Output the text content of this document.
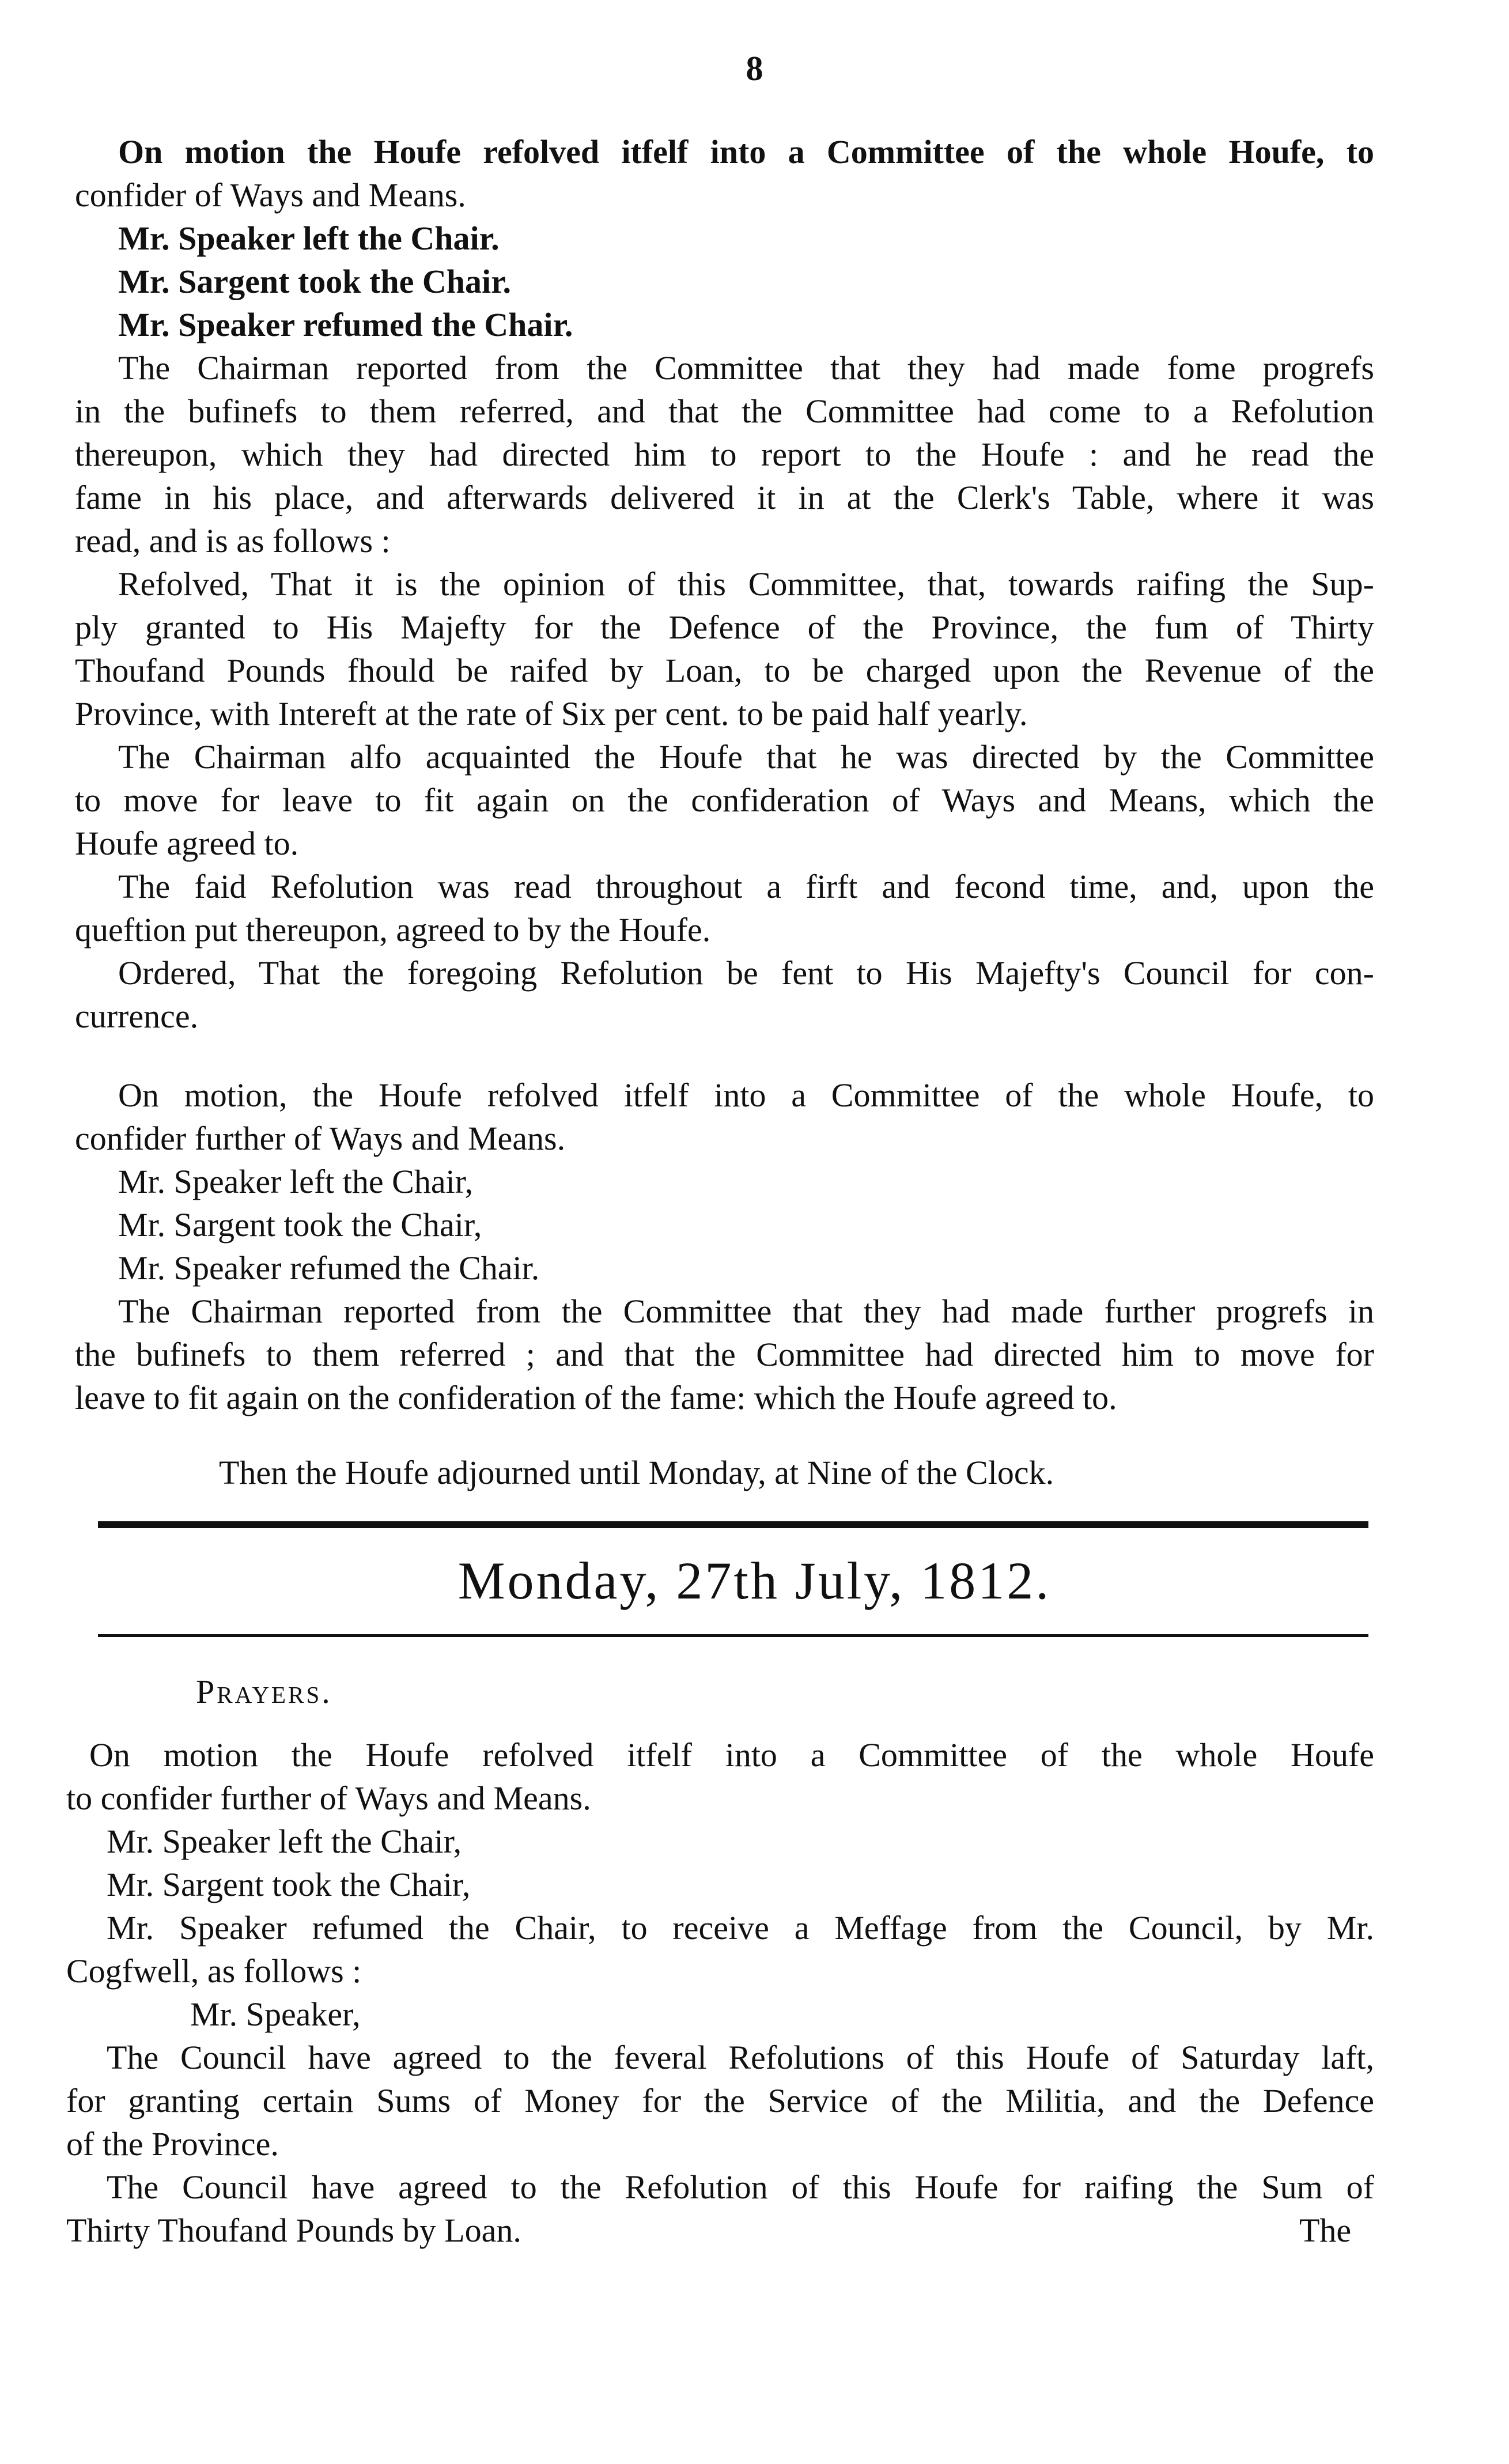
8
On motion the Houfe refolved itfelf into a Committee of the whole Houfe, to
confider of Ways and Means.
Mr. Speaker left the Chair.
Mr. Sargent took the Chair.
Mr. Speaker refumed the Chair.
The Chairman reported from the Committee that they had made fome progrefs
in the bufinefs to them referred, and that the Committee had come to a Refolution
thereupon, which they had directed him to report to the Houfe : and he read the
fame in his place, and afterwards delivered it in at the Clerk's Table, where it was
read, and is as follows :
Refolved, That it is the opinion of this Committee, that, towards raifing the Sup-
ply granted to His Majefty for the Defence of the Province, the fum of Thirty
Thoufand Pounds fhould be raifed by Loan, to be charged upon the Revenue of the
Province, with Intereft at the rate of Six per cent. to be paid half yearly.
The Chairman alfo acquainted the Houfe that he was directed by the Committee
to move for leave to fit again on the confideration of Ways and Means, which the
Houfe agreed to.
The faid Refolution was read throughout a firft and fecond time, and, upon the
queftion put thereupon, agreed to by the Houfe.
Ordered, That the foregoing Refolution be fent to His Majefty's Council for con-
currence.
On motion, the Houfe refolved itfelf into a Committee of the whole Houfe, to
confider further of Ways and Means.
Mr. Speaker left the Chair,
Mr. Sargent took the Chair,
Mr. Speaker refumed the Chair.
The Chairman reported from the Committee that they had made further progrefs in
the bufinefs to them referred ; and that the Committee had directed him to move for
leave to fit again on the confideration of the fame: which the Houfe agreed to.
Then the Houfe adjourned until Monday, at Nine of the Clock.
Monday, 27th July, 1812.
Prayers.
On motion the Houfe refolved itfelf into a Committee of the whole Houfe
to confider further of Ways and Means.
Mr. Speaker left the Chair,
Mr. Sargent took the Chair,
Mr. Speaker refumed the Chair, to receive a Meffage from the Council, by Mr.
Cogfwell, as follows :
Mr. Speaker,
The Council have agreed to the feveral Refolutions of this Houfe of Saturday laft,
for granting certain Sums of Money for the Service of the Militia, and the Defence
of the Province.
The Council have agreed to the Refolution of this Houfe for raifing the Sum of
Thirty Thoufand Pounds by Loan.	The
